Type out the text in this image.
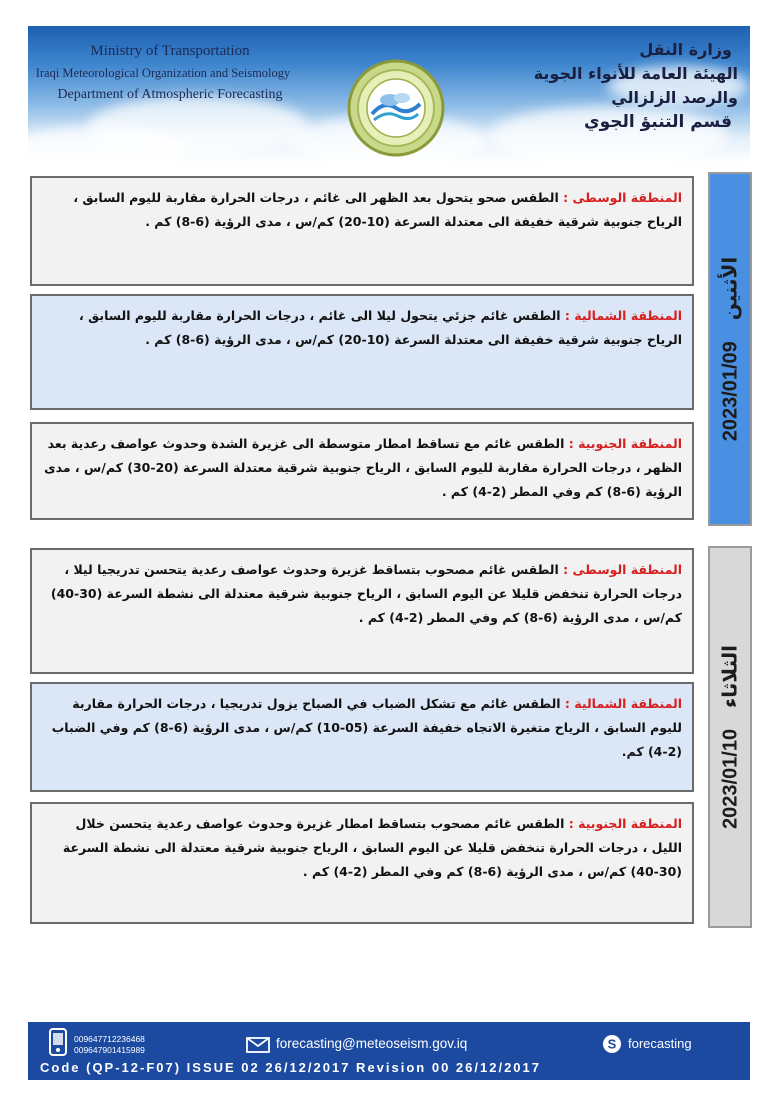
Ministry of Transportation
Iraqi Meteorological Organization and Seismology
Department of Atmospheric Forecasting
وزارة النقل
الهيئة العامة للأنواء الجوية والرصد الزلزالي
قسم التنبؤ الجوي
المنطقة الوسطى : الطقس صحو يتحول بعد الظهر الى غائم ، درجات الحرارة مقاربة لليوم السابق ، الرياح جنوبية شرقية خفيفة الى معتدلة السرعة (10-20) كم/س ، مدى الرؤية (6-8) كم .
المنطقة الشمالية : الطقس غائم جزئي يتحول ليلا الى غائم ، درجات الحرارة مقاربة لليوم السابق ، الرياح جنوبية شرقية خفيفة الى معتدلة السرعة (10-20) كم/س ، مدى الرؤية (6-8) كم .
المنطقة الجنوبية : الطقس غائم مع تساقط امطار متوسطة الى غزيرة الشدة وحدوث عواصف رعدية بعد الظهر ، درجات الحرارة مقاربة لليوم السابق ، الرياح جنوبية شرقية معتدلة السرعة (20-30) كم/س ، مدى الرؤية (6-8) كم وفي المطر (2-4) كم .
2023/01/09   الأثنين
المنطقة الوسطى : الطقس غائم مصحوب بتساقط غزيرة وحدوث عواصف رعدية يتحسن تدريجيا ليلا ، درجات الحرارة تنخفض قليلا عن اليوم السابق ، الرياح جنوبية شرقية معتدلة الى نشطة السرعة (30-40) كم/س ، مدى الرؤية (6-8) كم وفي المطر (2-4) كم .
المنطقة الشمالية : الطقس غائم مع تشكل الضباب في الصباح يزول تدريجيا ، درجات الحرارة مقاربة لليوم السابق ، الرياح متغيرة الاتجاه خفيفة السرعة (05-10) كم/س ، مدى الرؤية (6-8) كم وفي الضباب (2-4) كم.
المنطقة الجنوبية : الطقس غائم مصحوب بتساقط امطار غزيرة وحدوث عواصف رعدية يتحسن خلال الليل ، درجات الحرارة تنخفض قليلا عن اليوم السابق ، الرياح جنوبية شرقية معتدلة الى نشطة السرعة (30-40) كم/س ، مدى الرؤية (6-8) كم وفي المطر (2-4) كم .
2023/01/10   الثلاثاء
009647712236468
009647901415989	forecasting@meteoseism.gov.iq	S forecasting
Code (QP-12-F07) ISSUE 02 26/12/2017 Revision 00 26/12/2017
